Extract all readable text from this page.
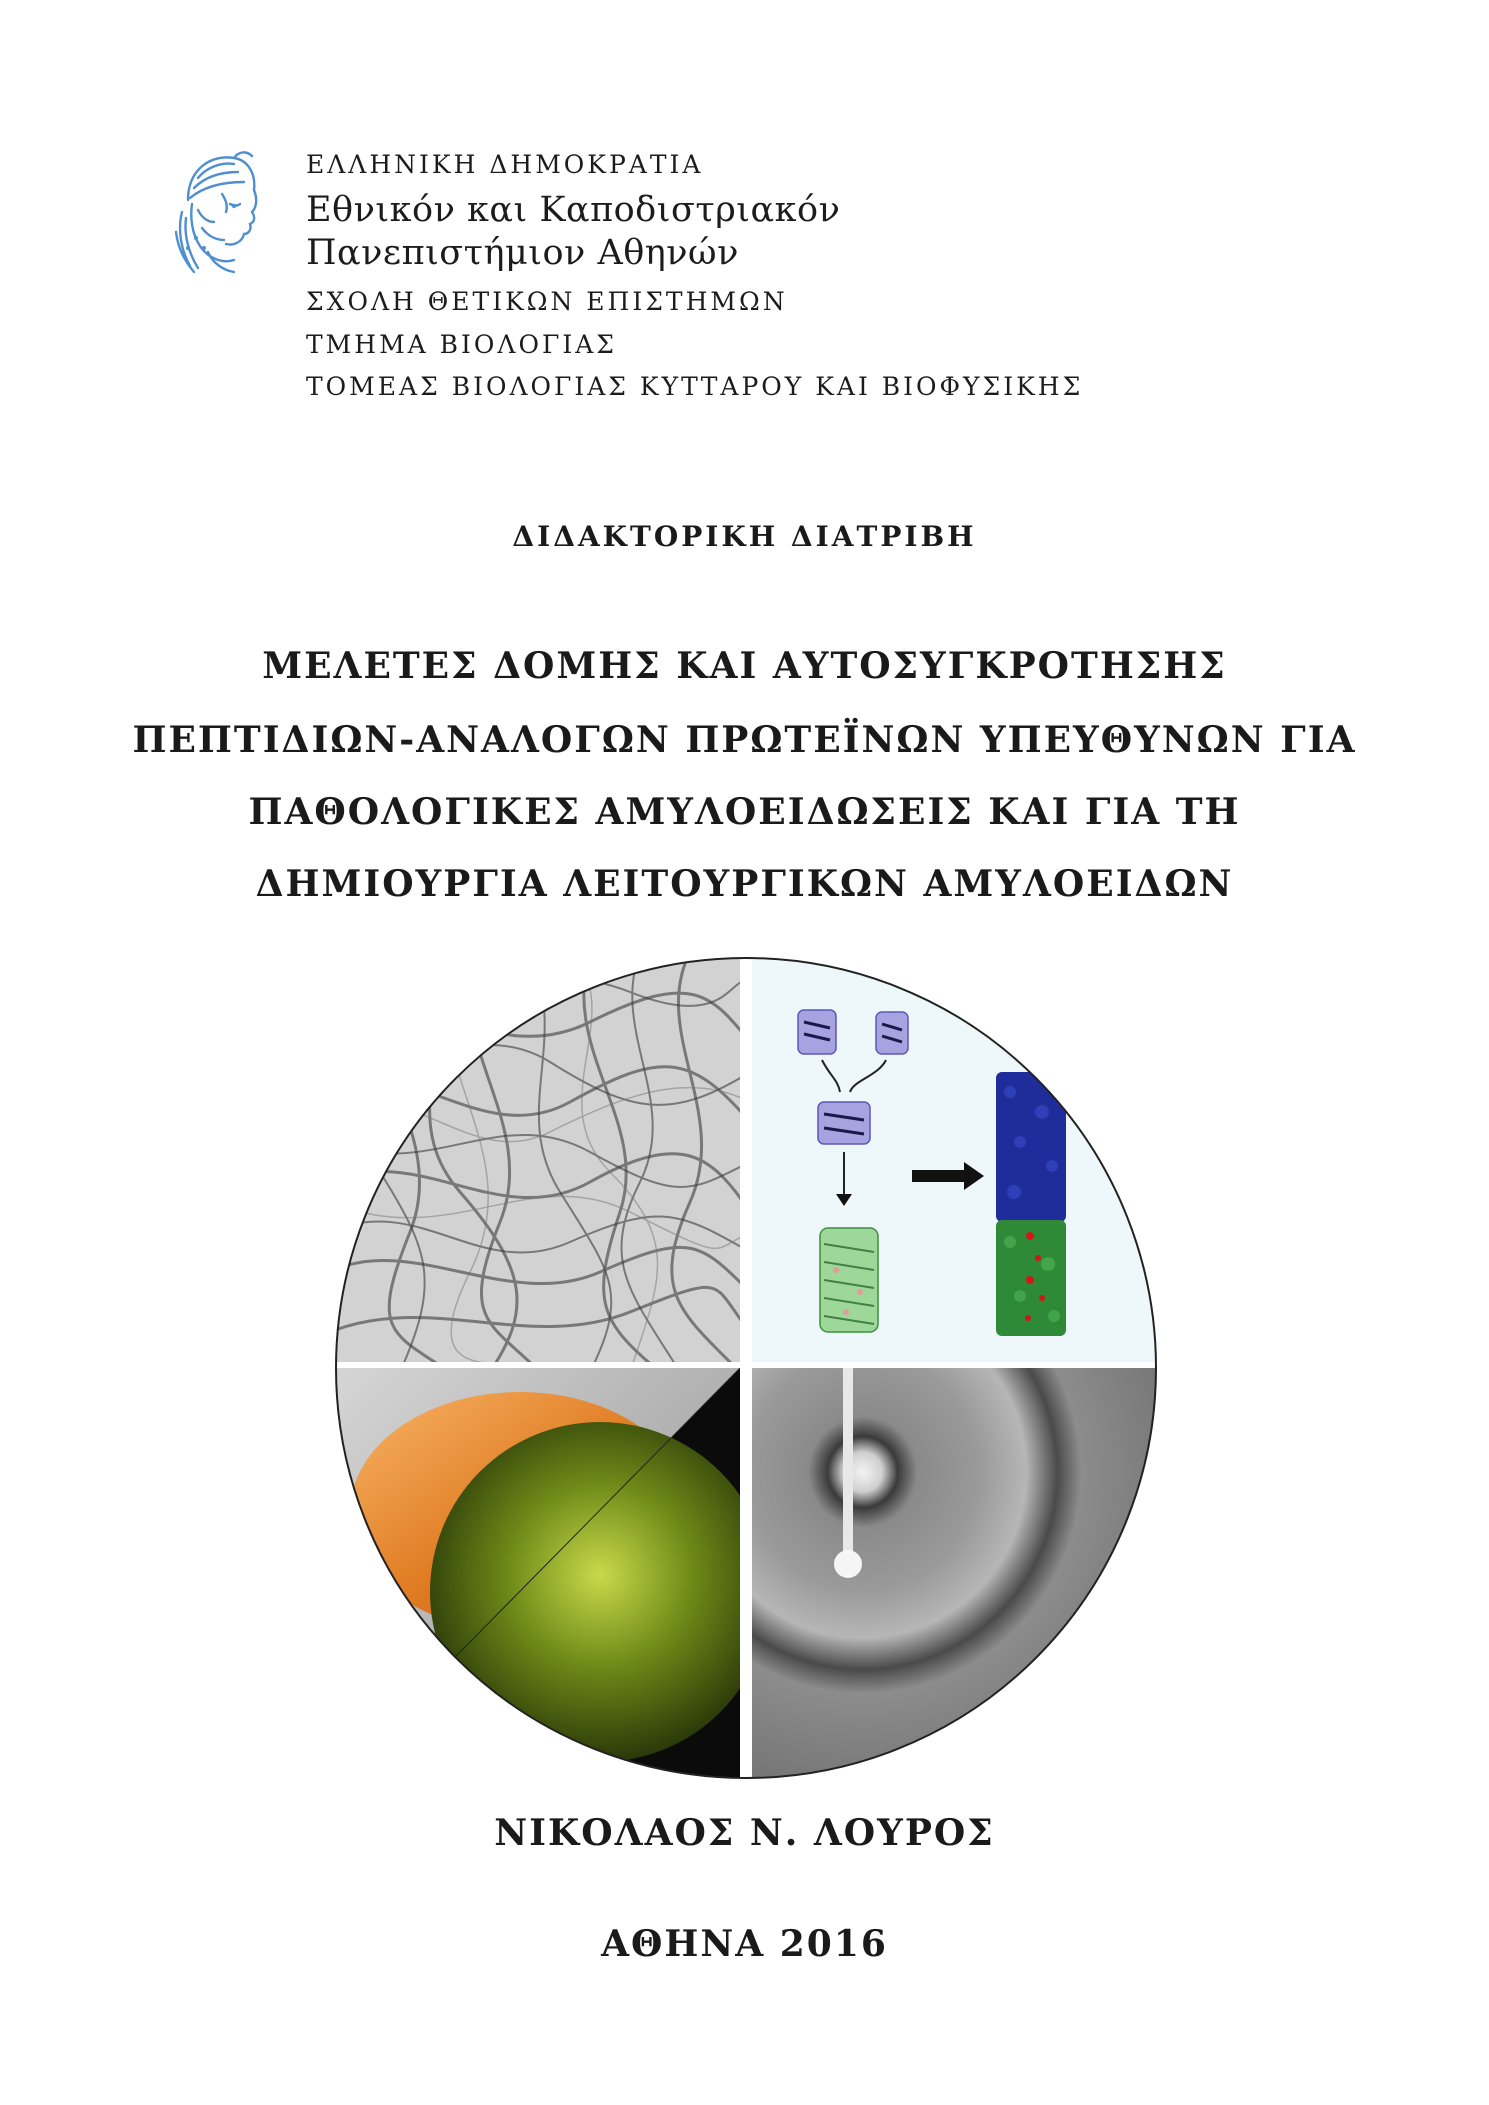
ΕΛΛΗΝΙΚΗ ΔΗΜΟΚΡΑΤΙΑ
Εθνικόν και Καποδιστριακόν
Πανεπιστήμιον Αθηνών
ΣΧΟΛΗ ΘΕΤΙΚΩΝ ΕΠΙΣΤΗΜΩΝ
ΤΜΗΜΑ ΒΙΟΛΟΓΙΑΣ
ΤΟΜΕΑΣ ΒΙΟΛΟΓΙΑΣ ΚΥΤΤΑΡΟΥ ΚΑΙ ΒΙΟΦΥΣΙΚΗΣ
ΔΙΔΑΚΤΟΡΙΚΗ ΔΙΑΤΡΙΒΗ
ΜΕΛΕΤΕΣ ΔΟΜΗΣ ΚΑΙ ΑΥΤΟΣΥΓΚΡΟΤΗΣΗΣ
ΠΕΠΤΙΔΙΩΝ-ΑΝΑΛΟΓΩΝ ΠΡΩΤΕΪΝΩΝ ΥΠΕΥΘΥΝΩΝ ΓΙΑ
ΠΑΘΟΛΟΓΙΚΕΣ ΑΜΥΛΟΕΙΔΩΣΕΙΣ ΚΑΙ ΓΙΑ ΤΗ
ΔΗΜΙΟΥΡΓΙΑ ΛΕΙΤΟΥΡΓΙΚΩΝ ΑΜΥΛΟΕΙΔΩΝ
ΝΙΚΟΛΑΟΣ Ν. ΛΟΥΡΟΣ
ΑΘΗΝΑ 2016
